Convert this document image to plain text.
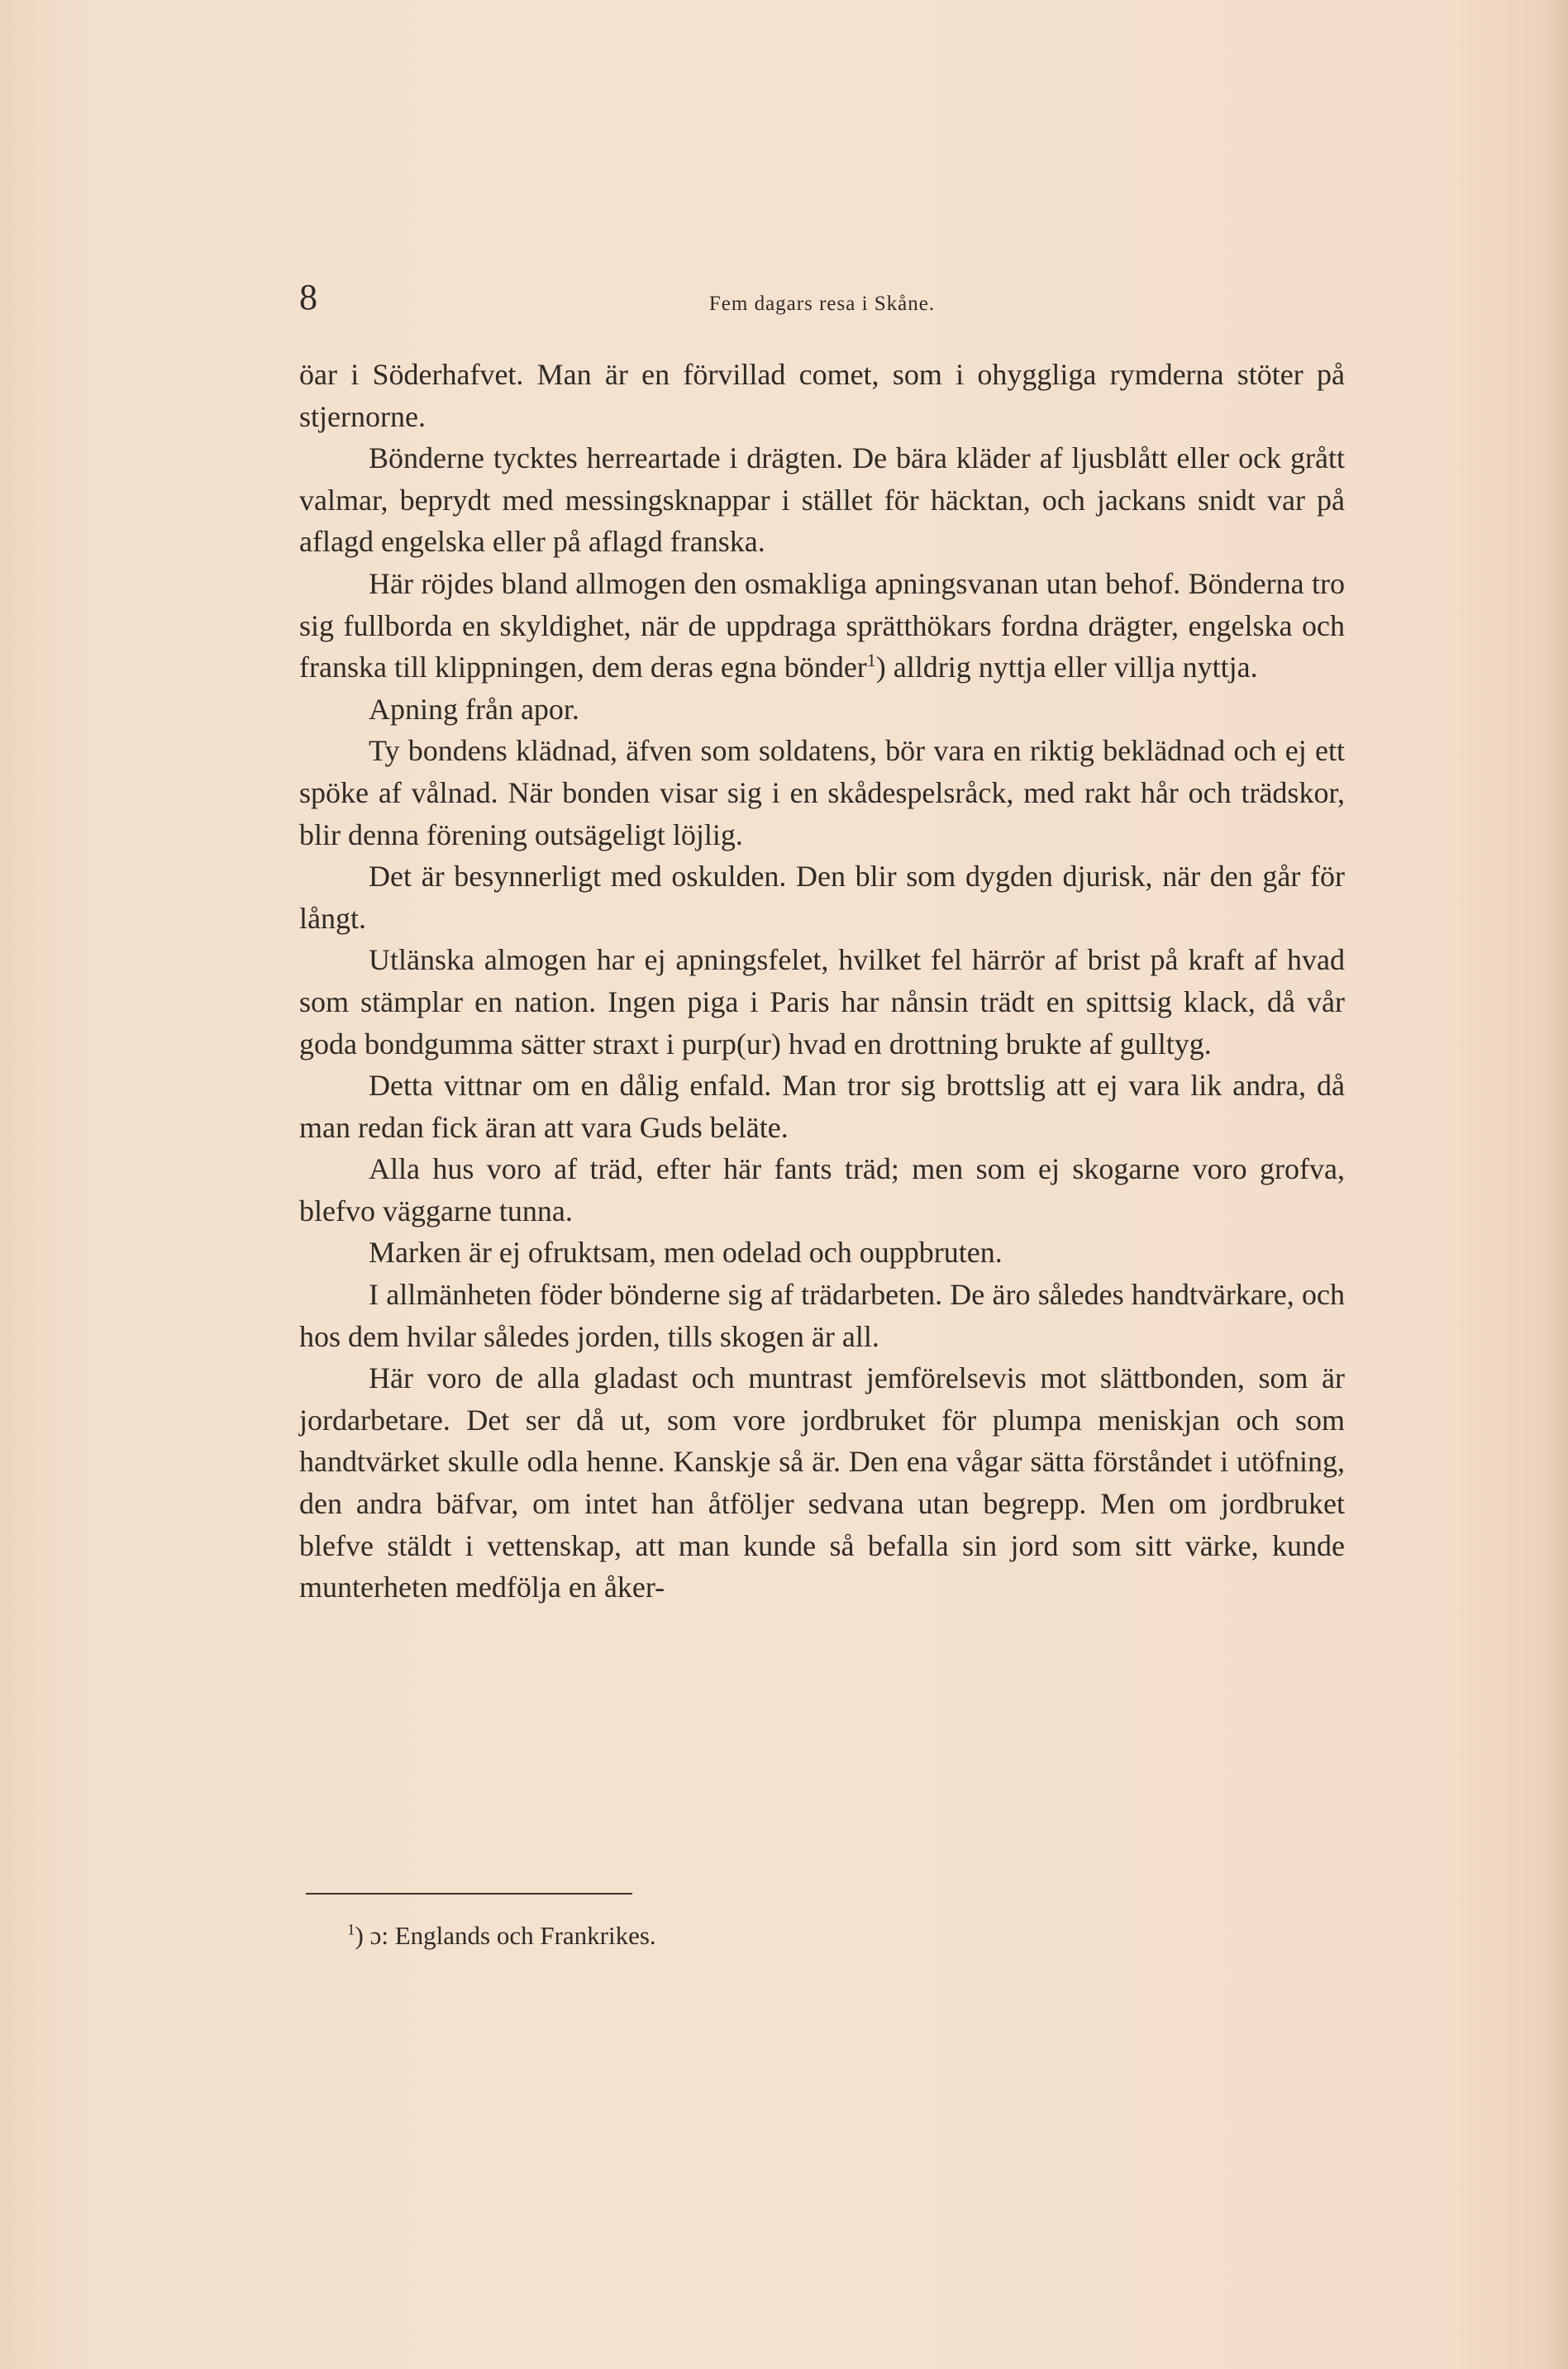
8	Fem dagars resa i Skåne.

öar i Söderhafvet. Man är en förvillad comet, som i ohyggliga rymderna stöter på stjernorne.

Bönderne tycktes herreartade i drägten. De bära kläder af ljusblått eller ock grått valmar, beprydt med messingsknappar i stället för häcktan, och jackans snidt var på aflagd engelska eller på aflagd franska.

Här röjdes bland allmogen den osmakliga apningsvanan utan behof. Bönderna tro sig fullborda en skyldighet, när de uppdraga sprätthökars fordna drägter, engelska och franska till klippningen, dem deras egna bönder$^1$) alldrig nyttja eller villja nyttja.

Apning från apor.

Ty bondens klädnad, äfven som soldatens, bör vara en riktig beklädnad och ej ett spöke af vålnad. När bonden visar sig i en skådespelsråck, med rakt hår och trädskor, blir denna förening outsägeligt löjlig.

Det är besynnerligt med oskulden. Den blir som dygden djurisk, när den går för långt.

Utlänska almogen har ej apningsfelet, hvilket fel härrör af brist på kraft af hvad som stämplar en nation. Ingen piga i Paris har nånsin trädt en spittsig klack, då vår goda bondgumma sätter straxt i purp(ur) hvad en drottning brukte af gulltyg.

Detta vittnar om en dålig enfald. Man tror sig brottslig att ej vara lik andra, då man redan fick äran att vara Guds beläte.

Alla hus voro af träd, efter här fants träd; men som ej skogarne voro grofva, blefvo väggarne tunna.

Marken är ej ofruktsam, men odelad och ouppbruten.

I allmänheten föder bönderne sig af trädarbeten. De äro således handtvärkare, och hos dem hvilar således jorden, tills skogen är all.

Här voro de alla gladast och muntrast jemförelsevis mot slättbonden, som är jordarbetare. Det ser då ut, som vore jordbruket för plumpa meniskjan och som handtvärket skulle odla henne. Kanskje så är. Den ena vågar sätta förståndet i utöfning, den andra bäfvar, om intet han åtföljer sedvana utan begrepp. Men om jordbruket blefve stäldt i vettenskap, att man kunde så befalla sin jord som sitt värke, kunde munterheten medfölja en åker-

$^1$) ɔ: Englands och Frankrikes.
